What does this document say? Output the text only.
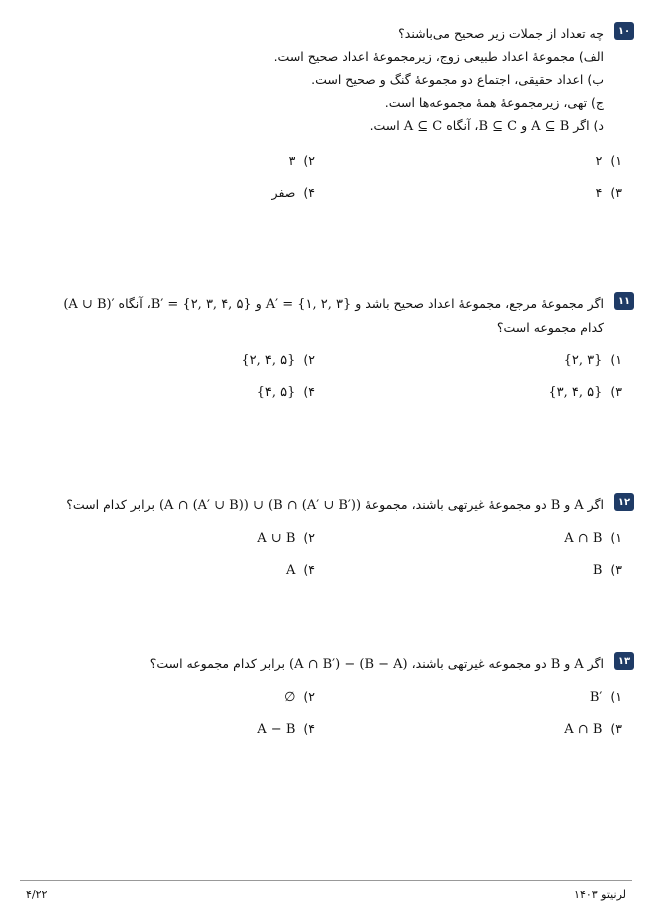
۱۰
چه تعداد از جملات زیر صحیح می‌باشند؟
الف) مجموعهٔ اعداد طبیعی زوج، زیرمجموعهٔ اعداد صحیح است.
ب) اعداد حقیقی، اجتماع دو مجموعهٔ گنگ و صحیح است.
ج) تهی، زیرمجموعهٔ همهٔ مجموعه‌ها است.
د) اگر A ⊆ B و B ⊆ C، آنگاه A ⊆ C است.
۱)۲
۲)۳
۳)۴
۴)صفر
۱۱
اگر مجموعهٔ مرجع، مجموعهٔ اعداد صحیح باشد و A′ = {۱, ۲, ۳} و B′ = {۲, ۳, ۴, ۵}، آنگاه (A ∪ B)′
کدام مجموعه است؟
۱){۲, ۳}
۲){۲, ۴, ۵}
۳){۳, ۴, ۵}
۴){۴, ۵}
۱۲
اگر A و B دو مجموعهٔ غیرتهی باشند، مجموعهٔ (A ∩ (A′ ∪ B)) ∪ (B ∩ (A′ ∪ B′)) برابر کدام است؟
۱)A ∩ B
۲)A ∪ B
۳)B
۴)A
۱۳
اگر A و B دو مجموعه غیرتهی باشند، (A ∩ B′) − (B − A) برابر کدام مجموعه است؟
۱)B′
۲)∅
۳)A ∩ B
۴)A − B
لرنیتو ۱۴۰۳
۴/۲۲
